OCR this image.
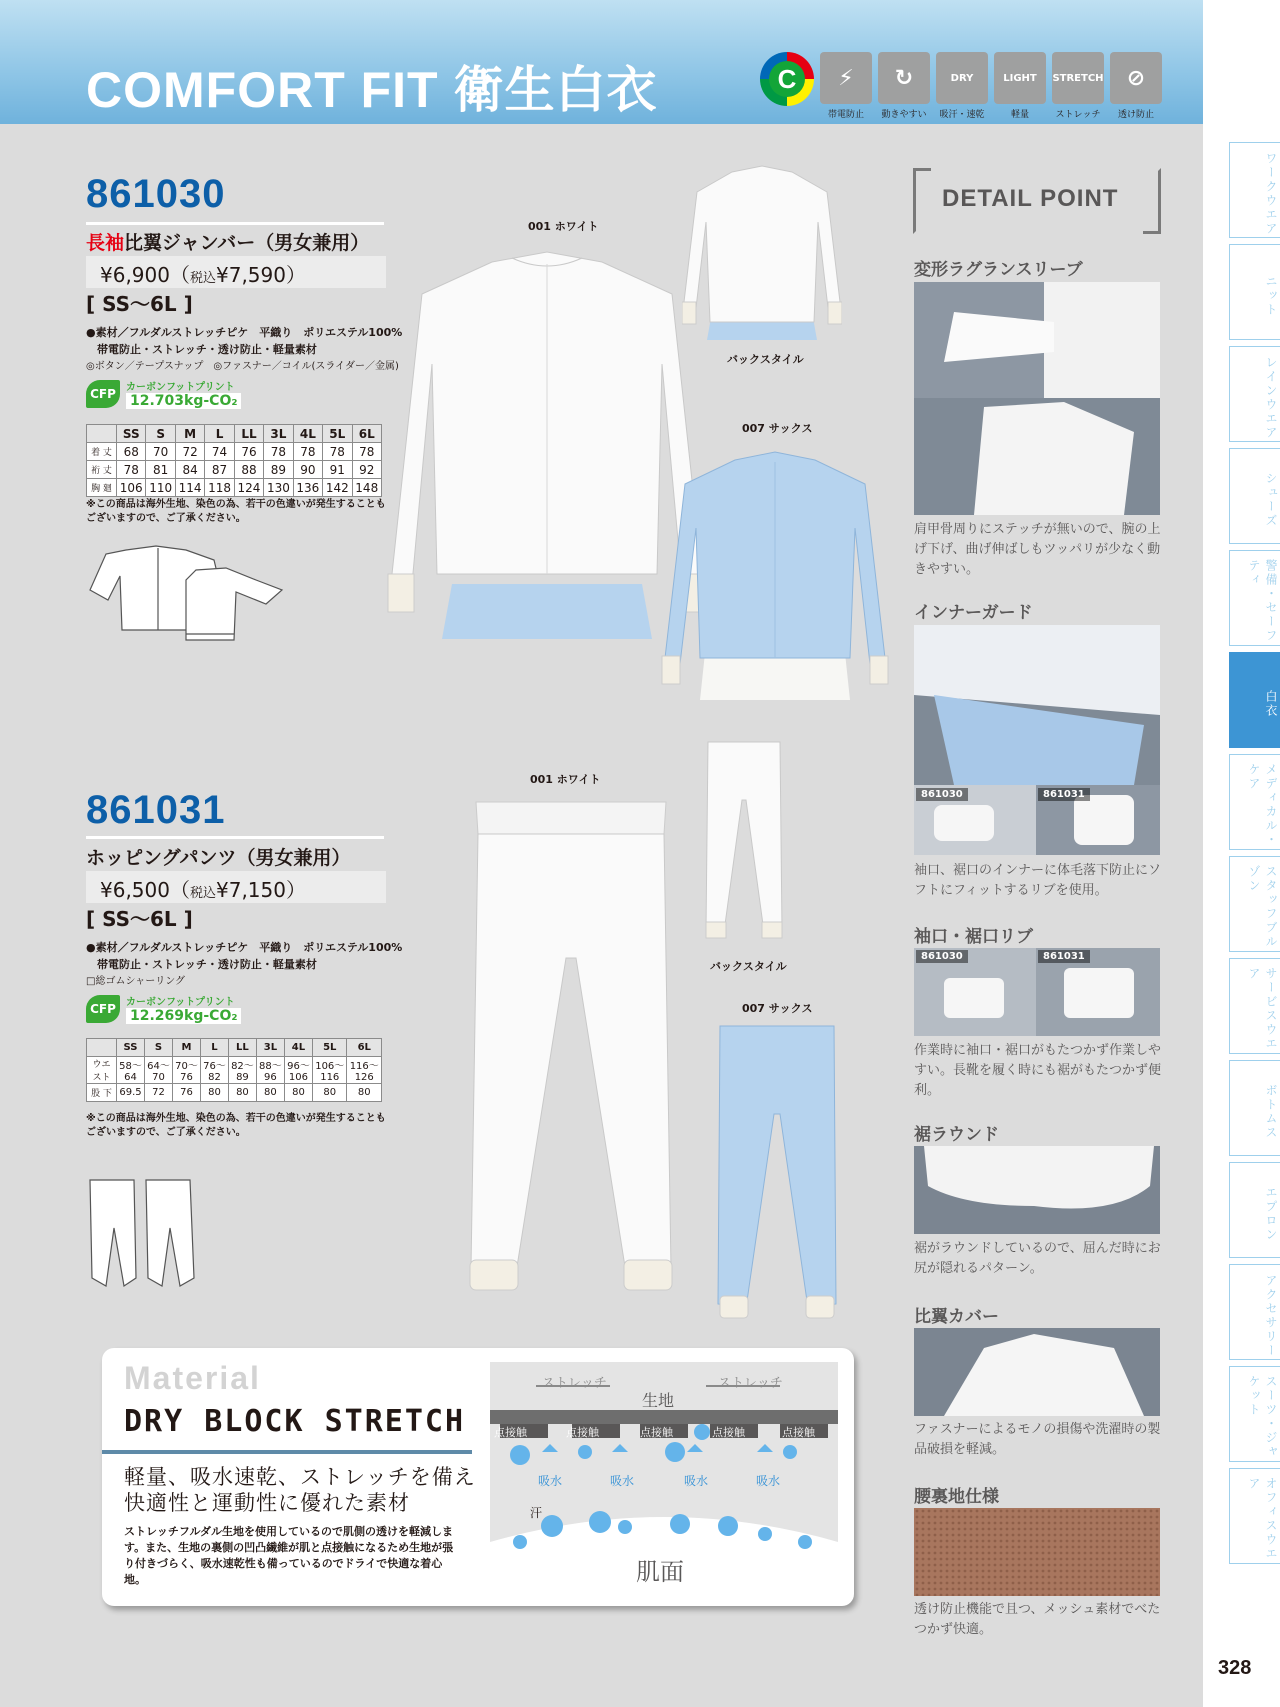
COMFORT FIT 衛生白衣	C	⚡
帯電防止
↻
動きやすい
DRY
吸汗・速乾
LIGHT
軽量
STRETCH
ストレッチ
⊘
透け防止
861030
長袖比翼ジャンバー（男女兼用）
¥6,900（税込¥7,590）
[ SS～6L ]
●素材／フルダルストレッチピケ　平織り　ポリエステル100%
　帯電防止・ストレッチ・透け防止・軽量素材
◎ボタン／テープスナップ　◎ファスナー／コイル(スライダー／金属)
CFP	カーボンフットプリント
12.703kg-CO₂
	SS	S	M	L	LL	3L	4L	5L	6L
着 丈	68	70	72	74	76	78	78	78	78
裄 丈	78	81	84	87	88	89	90	91	92
胸 廻	106	110	114	118	124	130	136	142	148
※この商品は海外生地、染色の為、若干の色違いが発生することもございますので、ご了承ください。
001 ホワイト
バックスタイル
007 サックス
861031
ホッピングパンツ（男女兼用）
¥6,500（税込¥7,150）
[ SS～6L ]
●素材／フルダルストレッチピケ　平織り　ポリエステル100%
　帯電防止・ストレッチ・透け防止・軽量素材
□総ゴムシャーリング
CFP	カーボンフットプリント
12.269kg-CO₂
	SS	S	M	L	LL	3L	4L	5L	6L
ウエスト	58〜64	64〜70	70〜76	76〜82	82〜89	88〜96	96〜106	106〜116	116〜126
股 下	69.5	72	76	80	80	80	80	80	80
※この商品は海外生地、染色の為、若干の色違いが発生することもございますので、ご了承ください。
001 ホワイト
バックスタイル
007 サックス
DETAIL POINT
変形ラグランスリーブ
肩甲骨周りにステッチが無いので、腕の上げ下げ、曲げ伸ばしもツッパリが少なく動きやすい。
インナーガード
861030	861031
袖口、裾口のインナーに体毛落下防止にソフトにフィットするリブを使用。
袖口・裾口リブ
861030	861031
作業時に袖口・裾口がもたつかず作業しやすい。長靴を履く時にも裾がもたつかず便利。
裾ラウンド
裾がラウンドしているので、屈んだ時にお尻が隠れるパターン。
比翼カバー
ファスナーによるモノの損傷や洗濯時の製品破損を軽減。
腰裏地仕様
透け防止機能で且つ、メッシュ素材でべたつかず快適。
Material
DRY BLOCK STRETCH
軽量、吸水速乾、ストレッチを備え
快適性と運動性に優れた素材
ストレッチフルダル生地を使用しているので肌側の透けを軽減します。また、生地の裏側の凹凸繊維が肌と点接触になるため生地が張り付きづらく、吸水速乾性も備っているのでドライで快適な着心地。
ストレッチ	ストレッチ
生地
点接触	点接触	点接触	点接触	点接触
吸水	吸水	吸水	吸水
汗
肌面
ワークウエア
ニット
レインウエア
シューズ
警備・セーフティ
白衣
メディカル・ケア
スタッフブルゾン
サービスウエア
ボトムス
エプロン
アクセサリー
スーツ・ジャケット
オフィスウエア
328
